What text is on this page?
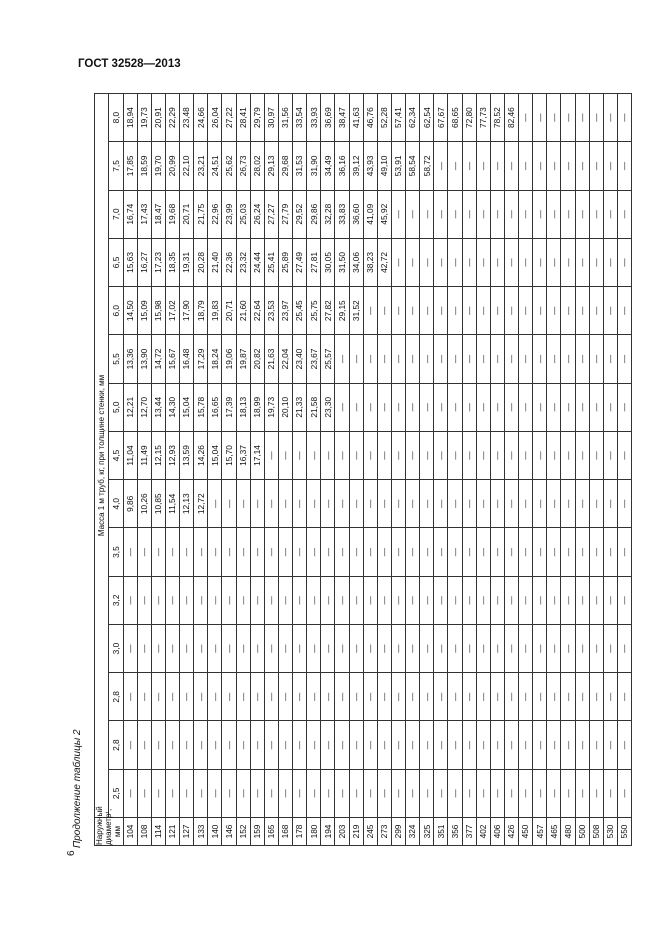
ГОСТ 32528—2013
Продолжение таблицы 2
6
Наружный диаметр¹, мм	Масса 1 м труб, кг, при толщине стенки, мм														
	2,5	2,8	2,8	3,0	3,2	3,5	4,0	4,5	5,0	5,5	6,0	6,5	7,0	7,5	8,0
104	—	—	—	—	—	—	9,86	11,04	12,21	13,36	14,50	15,63	16,74	17,85	18,94
108	—	—	—	—	—	—	10,26	11,49	12,70	13,90	15,09	16,27	17,43	18,59	19,73
114	—	—	—	—	—	—	10,85	12,15	13,44	14,72	15,98	17,23	18,47	19,70	20,91
121	—	—	—	—	—	—	11,54	12,93	14,30	15,67	17,02	18,35	19,68	20,99	22,29
127	—	—	—	—	—	—	12,13	13,59	15,04	16,48	17,90	19,31	20,71	22,10	23,48
133	—	—	—	—	—	—	12,72	14,26	15,78	17,29	18,79	20,28	21,75	23,21	24,66
140	—	—	—	—	—	—	—	15,04	16,65	18,24	19,83	21,40	22,96	24,51	26,04
146	—	—	—	—	—	—	—	15,70	17,39	19,06	20,71	22,36	23,99	25,62	27,22
152	—	—	—	—	—	—	—	16,37	18,13	19,87	21,60	23,32	25,03	26,73	28,41
159	—	—	—	—	—	—	—	17,14	18,99	20,82	22,64	24,44	26,24	28,02	29,79
165	—	—	—	—	—	—	—	—	19,73	21,63	23,53	25,41	27,27	29,13	30,97
168	—	—	—	—	—	—	—	—	20,10	22,04	23,97	25,89	27,79	29,68	31,56
178	—	—	—	—	—	—	—	—	21,33	23,40	25,45	27,49	29,52	31,53	33,54
180	—	—	—	—	—	—	—	—	21,58	23,67	25,75	27,81	29,86	31,90	33,93
194	—	—	—	—	—	—	—	—	23,30	25,57	27,82	30,05	32,28	34,49	36,69
203	—	—	—	—	—	—	—	—	—	—	29,15	31,50	33,83	36,16	38,47
219	—	—	—	—	—	—	—	—	—	—	31,52	34,06	36,60	39,12	41,63
245	—	—	—	—	—	—	—	—	—	—	—	38,23	41,09	43,93	46,76
273	—	—	—	—	—	—	—	—	—	—	—	42,72	45,92	49,10	52,28
299	—	—	—	—	—	—	—	—	—	—	—	—	—	53,91	57,41
324	—	—	—	—	—	—	—	—	—	—	—	—	—	58,54	62,34
325	—	—	—	—	—	—	—	—	—	—	—	—	—	58,72	62,54
351	—	—	—	—	—	—	—	—	—	—	—	—	—	—	67,67
356	—	—	—	—	—	—	—	—	—	—	—	—	—	—	68,65
377	—	—	—	—	—	—	—	—	—	—	—	—	—	—	72,80
402	—	—	—	—	—	—	—	—	—	—	—	—	—	—	77,73
406	—	—	—	—	—	—	—	—	—	—	—	—	—	—	78,52
426	—	—	—	—	—	—	—	—	—	—	—	—	—	—	82,46
450	—	—	—	—	—	—	—	—	—	—	—	—	—	—	—
457	—	—	—	—	—	—	—	—	—	—	—	—	—	—	—
465	—	—	—	—	—	—	—	—	—	—	—	—	—	—	—
480	—	—	—	—	—	—	—	—	—	—	—	—	—	—	—
500	—	—	—	—	—	—	—	—	—	—	—	—	—	—	—
508	—	—	—	—	—	—	—	—	—	—	—	—	—	—	—
530	—	—	—	—	—	—	—	—	—	—	—	—	—	—	—
550	—	—	—	—	—	—	—	—	—	—	—	—	—	—	—
